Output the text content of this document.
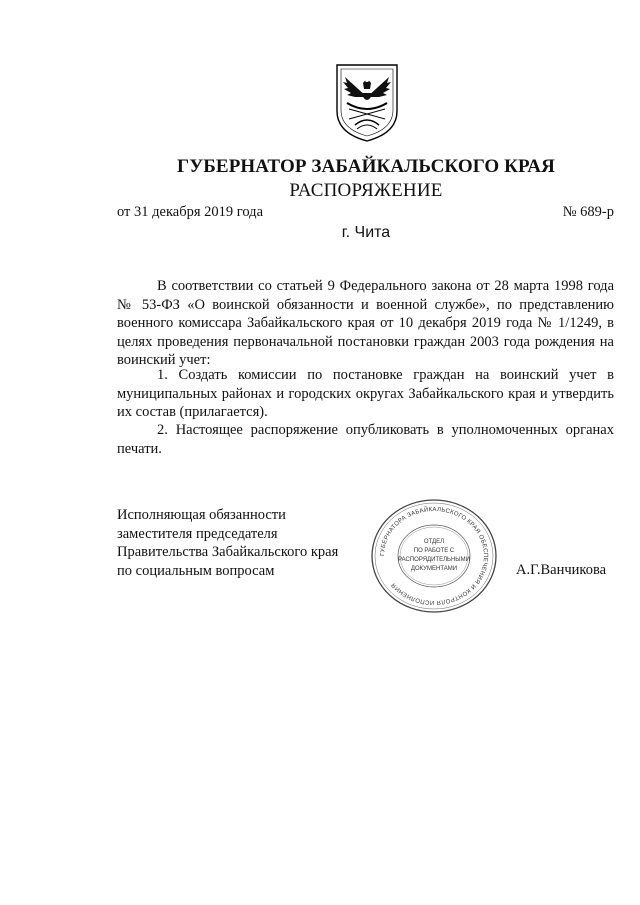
ГУБЕРНАТОР ЗАБАЙКАЛЬСКОГО КРАЯ
РАСПОРЯЖЕНИЕ
от 31 декабря 2019 года	№ 689-р
г. Чита
В соответствии со статьей 9 Федерального закона от 28 марта 1998 года № 53-ФЗ «О воинской обязанности и военной службе», по представлению военного комиссара Забайкальского края от 10 декабря 2019 года № 1/1249, в целях проведения первоначальной постановки граждан 2003 года рождения на воинский учет:
1. Создать комиссии по постановке граждан на воинский учет в муниципальных районах и городских округах Забайкальского края и утвердить их состав (прилагается).
2. Настоящее распоряжение опубликовать в уполномоченных органах печати.
Исполняющая обязанности
заместителя председателя
Правительства Забайкальского края
по социальным вопросам
ГУБЕРНАТОРА ЗАБАЙКАЛЬСКОГО КРАЯ ОБЕСПЕЧЕНИЯ И КОНТРОЛЯ ИСПОЛНЕНИЯ
ОТДЕЛ
ПО РАБОТЕ С
РАСПОРЯДИТЕЛЬНЫМИ
ДОКУМЕНТАМИ	А.Г.Ванчикова
